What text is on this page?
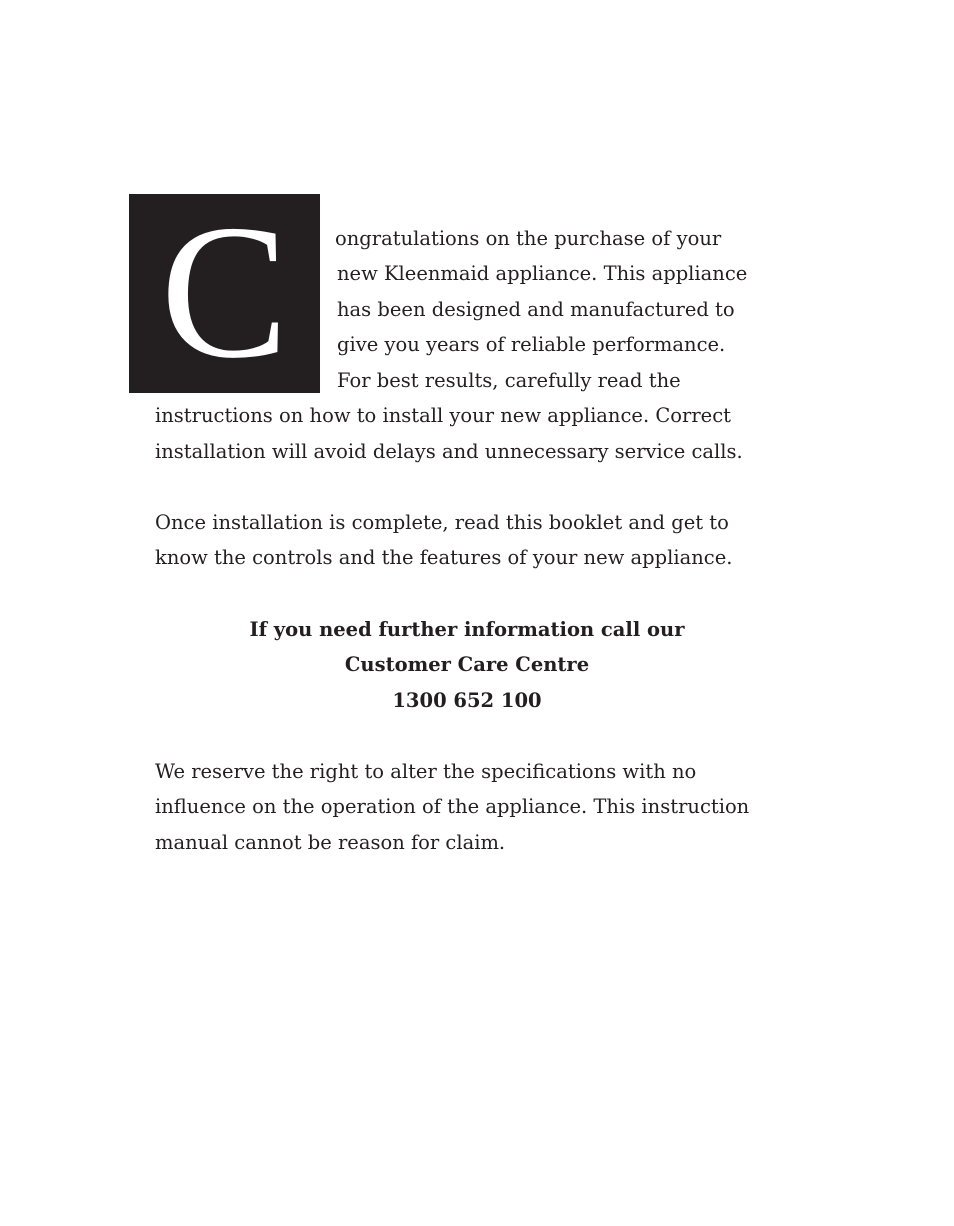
C	ongratulations on the purchase of your
new Kleenmaid appliance. This appliance
has been designed and manufactured to
give you years of reliable performance.
For best results, carefully read the
instructions on how to install your new appliance. Correct
installation will avoid delays and unnecessary service calls.
Once installation is complete, read this booklet and get to
know the controls and the features of your new appliance.
If you need further information call our
Customer Care Centre
1300 652 100
We reserve the right to alter the specifications with no
influence on the operation of the appliance. This instruction
manual cannot be reason for claim.
